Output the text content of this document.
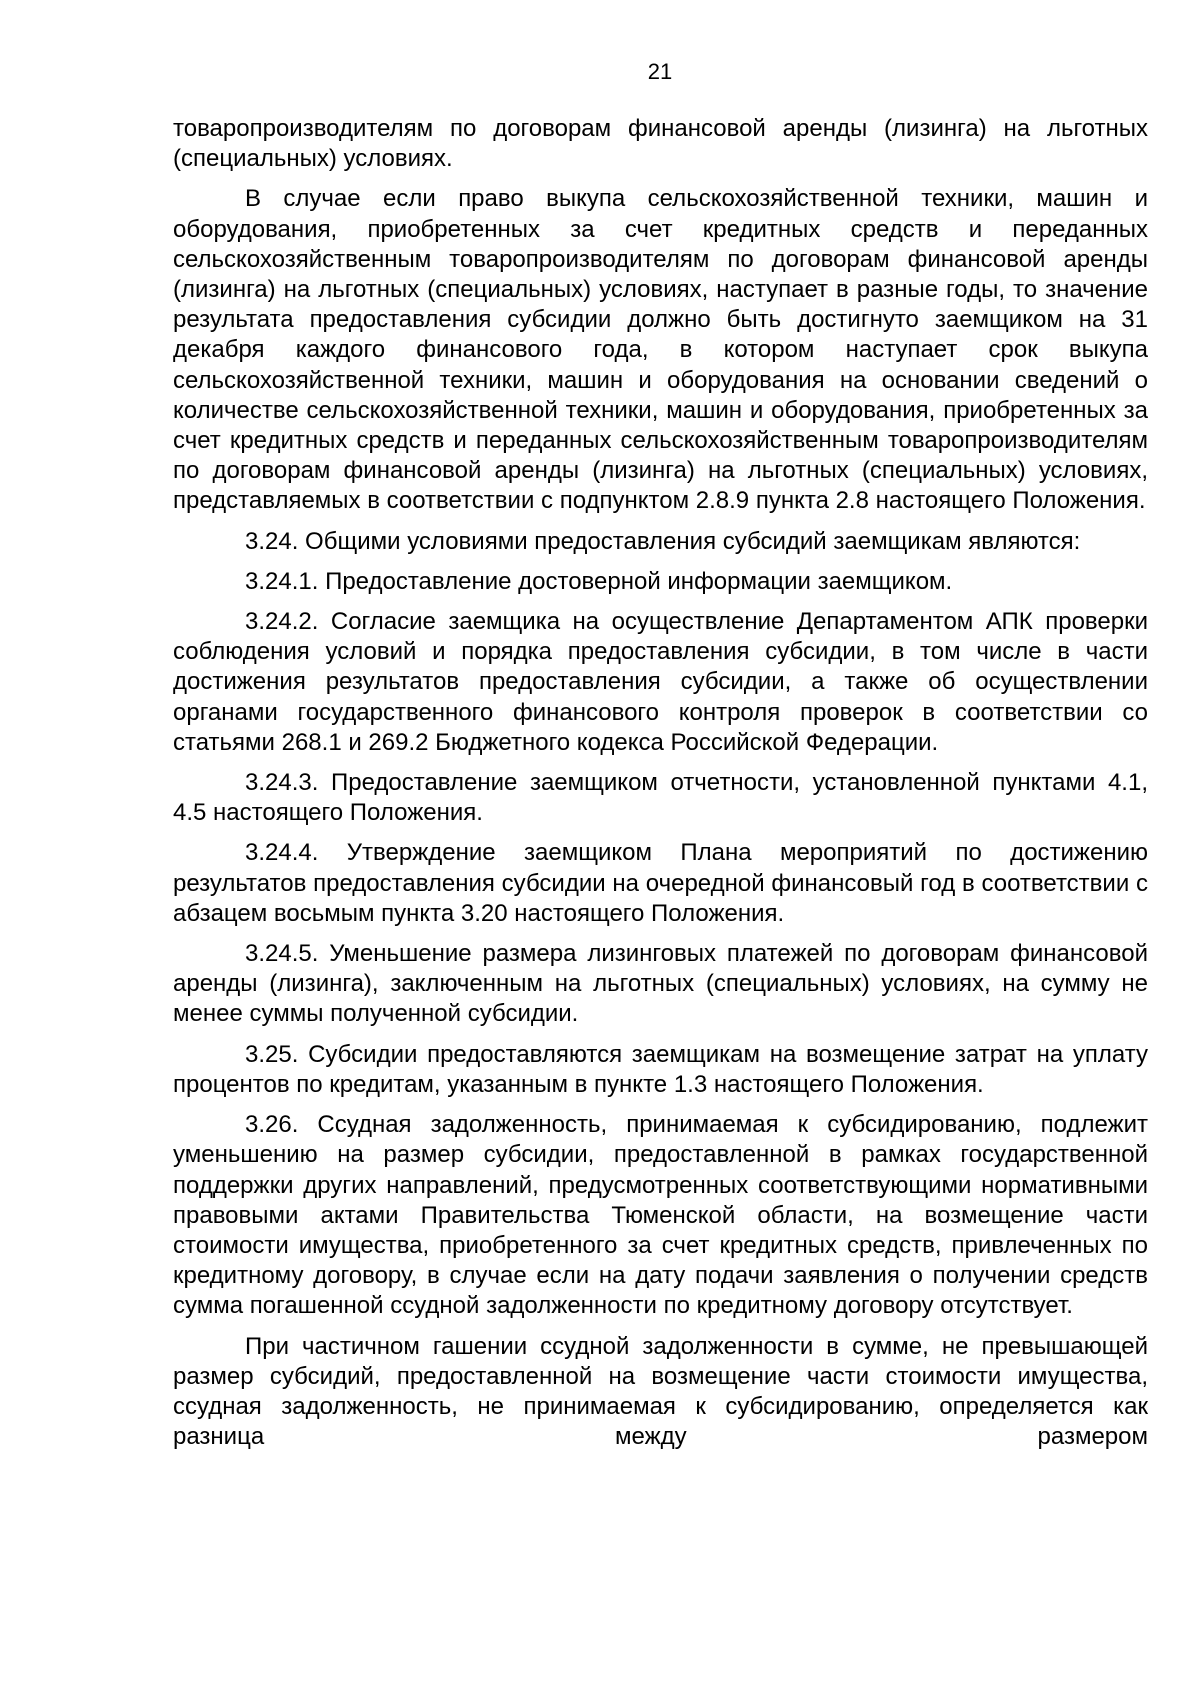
21

товаропроизводителям по договорам финансовой аренды (лизинга) на льготных (специальных) условиях.

В случае если право выкупа сельскохозяйственной техники, машин и оборудования, приобретенных за счет кредитных средств и переданных сельскохозяйственным товаропроизводителям по договорам финансовой аренды (лизинга) на льготных (специальных) условиях, наступает в разные годы, то значение результата предоставления субсидии должно быть достигнуто заемщиком на 31 декабря каждого финансового года, в котором наступает срок выкупа сельскохозяйственной техники, машин и оборудования на основании сведений о количестве сельскохозяйственной техники, машин и оборудования, приобретенных за счет кредитных средств и переданных сельскохозяйственным товаропроизводителям по договорам финансовой аренды (лизинга) на льготных (специальных) условиях, представляемых в соответствии с подпунктом 2.8.9 пункта 2.8 настоящего Положения.

3.24. Общими условиями предоставления субсидий заемщикам являются:

3.24.1. Предоставление достоверной информации заемщиком.

3.24.2. Согласие заемщика на осуществление Департаментом АПК проверки соблюдения условий и порядка предоставления субсидии, в том числе в части достижения результатов предоставления субсидии, а также об осуществлении органами государственного финансового контроля проверок в соответствии со статьями 268.1 и 269.2 Бюджетного кодекса Российской Федерации.

3.24.3. Предоставление заемщиком отчетности, установленной пунктами 4.1, 4.5 настоящего Положения.

3.24.4. Утверждение заемщиком Плана мероприятий по достижению результатов предоставления субсидии на очередной финансовый год в соответствии с абзацем восьмым пункта 3.20 настоящего Положения.

3.24.5. Уменьшение размера лизинговых платежей по договорам финансовой аренды (лизинга), заключенным на льготных (специальных) условиях, на сумму не менее суммы полученной субсидии.

3.25. Субсидии предоставляются заемщикам на возмещение затрат на уплату процентов по кредитам, указанным в пункте 1.3 настоящего Положения.

3.26. Ссудная задолженность, принимаемая к субсидированию, подлежит уменьшению на размер субсидии, предоставленной в рамках государственной поддержки других направлений, предусмотренных соответствующими нормативными правовыми актами Правительства Тюменской области, на возмещение части стоимости имущества, приобретенного за счет кредитных средств, привлеченных по кредитному договору, в случае если на дату подачи заявления о получении средств сумма погашенной ссудной задолженности по кредитному договору отсутствует.

При частичном гашении ссудной задолженности в сумме, не превышающей размер субсидий, предоставленной на возмещение части стоимости имущества, ссудная задолженность, не принимаемая к субсидированию, определяется как разница между размером
